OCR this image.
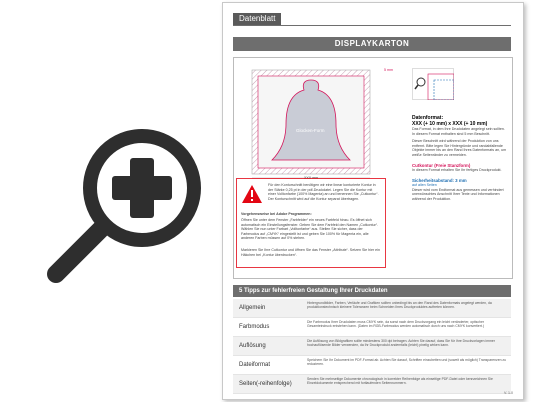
Datenblatt
DISPLAYKARTON
Glocken-Form
5 mm
XXX mm
Für den Konturschnitt benötigen wir eine linear konturierte Kontur in der Stärke 0,25 pt in der pdf-Druckdatei. Legen Sie die Kontur mit einer Volltonfarbe (100% Magenta) an und benennen Sie „Cutkontur“. Der Konturschnitt wird auf die Kontur separat übertragen.
Vorgehensweise bei Adobe Programmen:
Öffnen Sie unter dem Fenster „Farbfelder“ ein neues Farbfeld hinzu. Es öffnet sich automatisch ein Einstellungsfenster. Geben Sie dem Farbfeld den Namen „Cutkontur“. Wählen Sie nun unter Farbart „Volltonfarbe“ aus. Stellen Sie sicher, dass der Farbmodus auf „CMYK“ eingestellt ist und geben Sie 100% für Magenta ein, alle anderen Farben müssen auf 0% stehen.
Markieren Sie Ihre Cutkontur und öffnen Sie das Fenster „Attribute“. Setzen Sie hier ein Häkchen bei „Kontur überdrucken“.
Datenformat:
XXX (+ 10 mm) x XXX (+ 10 mm)
Das Format, in dem Ihre Druckdaten angelegt sein sollten. In diesem Format enthalten sind 5 mm Beschnitt.
Dieser Beschnitt wird während der Produktion von uns entfernt. Bitte legen Sie Hintergründe und randabfallende Objekte immer bis an den Rand Ihres Datenformats an, um weiße Seitenränder zu vermeiden.
Cutkontur (Freie Stanzform)
In diesem Format erhalten Sie Ihr fertiges Druckprodukt.
Sicherheitsabstand: 3 mm
auf allen Seiten
Dieser wird vom Endformat aus gemessen und verhindert unerwünschtes Anschnitt Ihrer Texte und Informationen während der Produktion.
5 Tipps zur fehlerfreien Gestaltung Ihrer Druckdaten
Allgemein
Hintergrundbilder, Farben, Verläufe und Grafiken sollten unbedingt bis an den Rand des Datenformats angelegt werden, da produktionstechnisch kleinere Toleranzen beim Schneiden Ihres Druckproduktes auftreten können.
Farbmodus
Die Farbmodus Ihrer Druckdaten muss CMYK sein, da sonst nach dem Druckvorgang ein leicht veränderter, optischer Gesamteindruck entstehen kann. (Daten im RGB-Farbmodus werden automatisch durch uns nach CMYK konvertiert.)
Auflösung
Die Auflösung von Bildgrafiken sollte mindestens 300 dpi betragen. Achten Sie darauf, dass Sie für Ihre Druckvorlagen immer hochauflösende Bilder verwenden, da Ihr Druckprodukt andernfalls (leicht) pixelig wirken kann.
Dateiformat
Speichern Sie Ihr Dokument im PDF-Format ab. Achten Sie darauf, Schriften einzubetten und (soweit als möglich) Transparenzen zu reduzieren.
Seiten(-reihenfolge)
Senden Sie mehrseitige Dokumente chronologisch in korrekter Reihenfolge als einseitige PDF-Datei oder kennzeichnen Sie Einzeldokumente entsprechend mit fortlaufenden Seitennummern.
V. 1.0
